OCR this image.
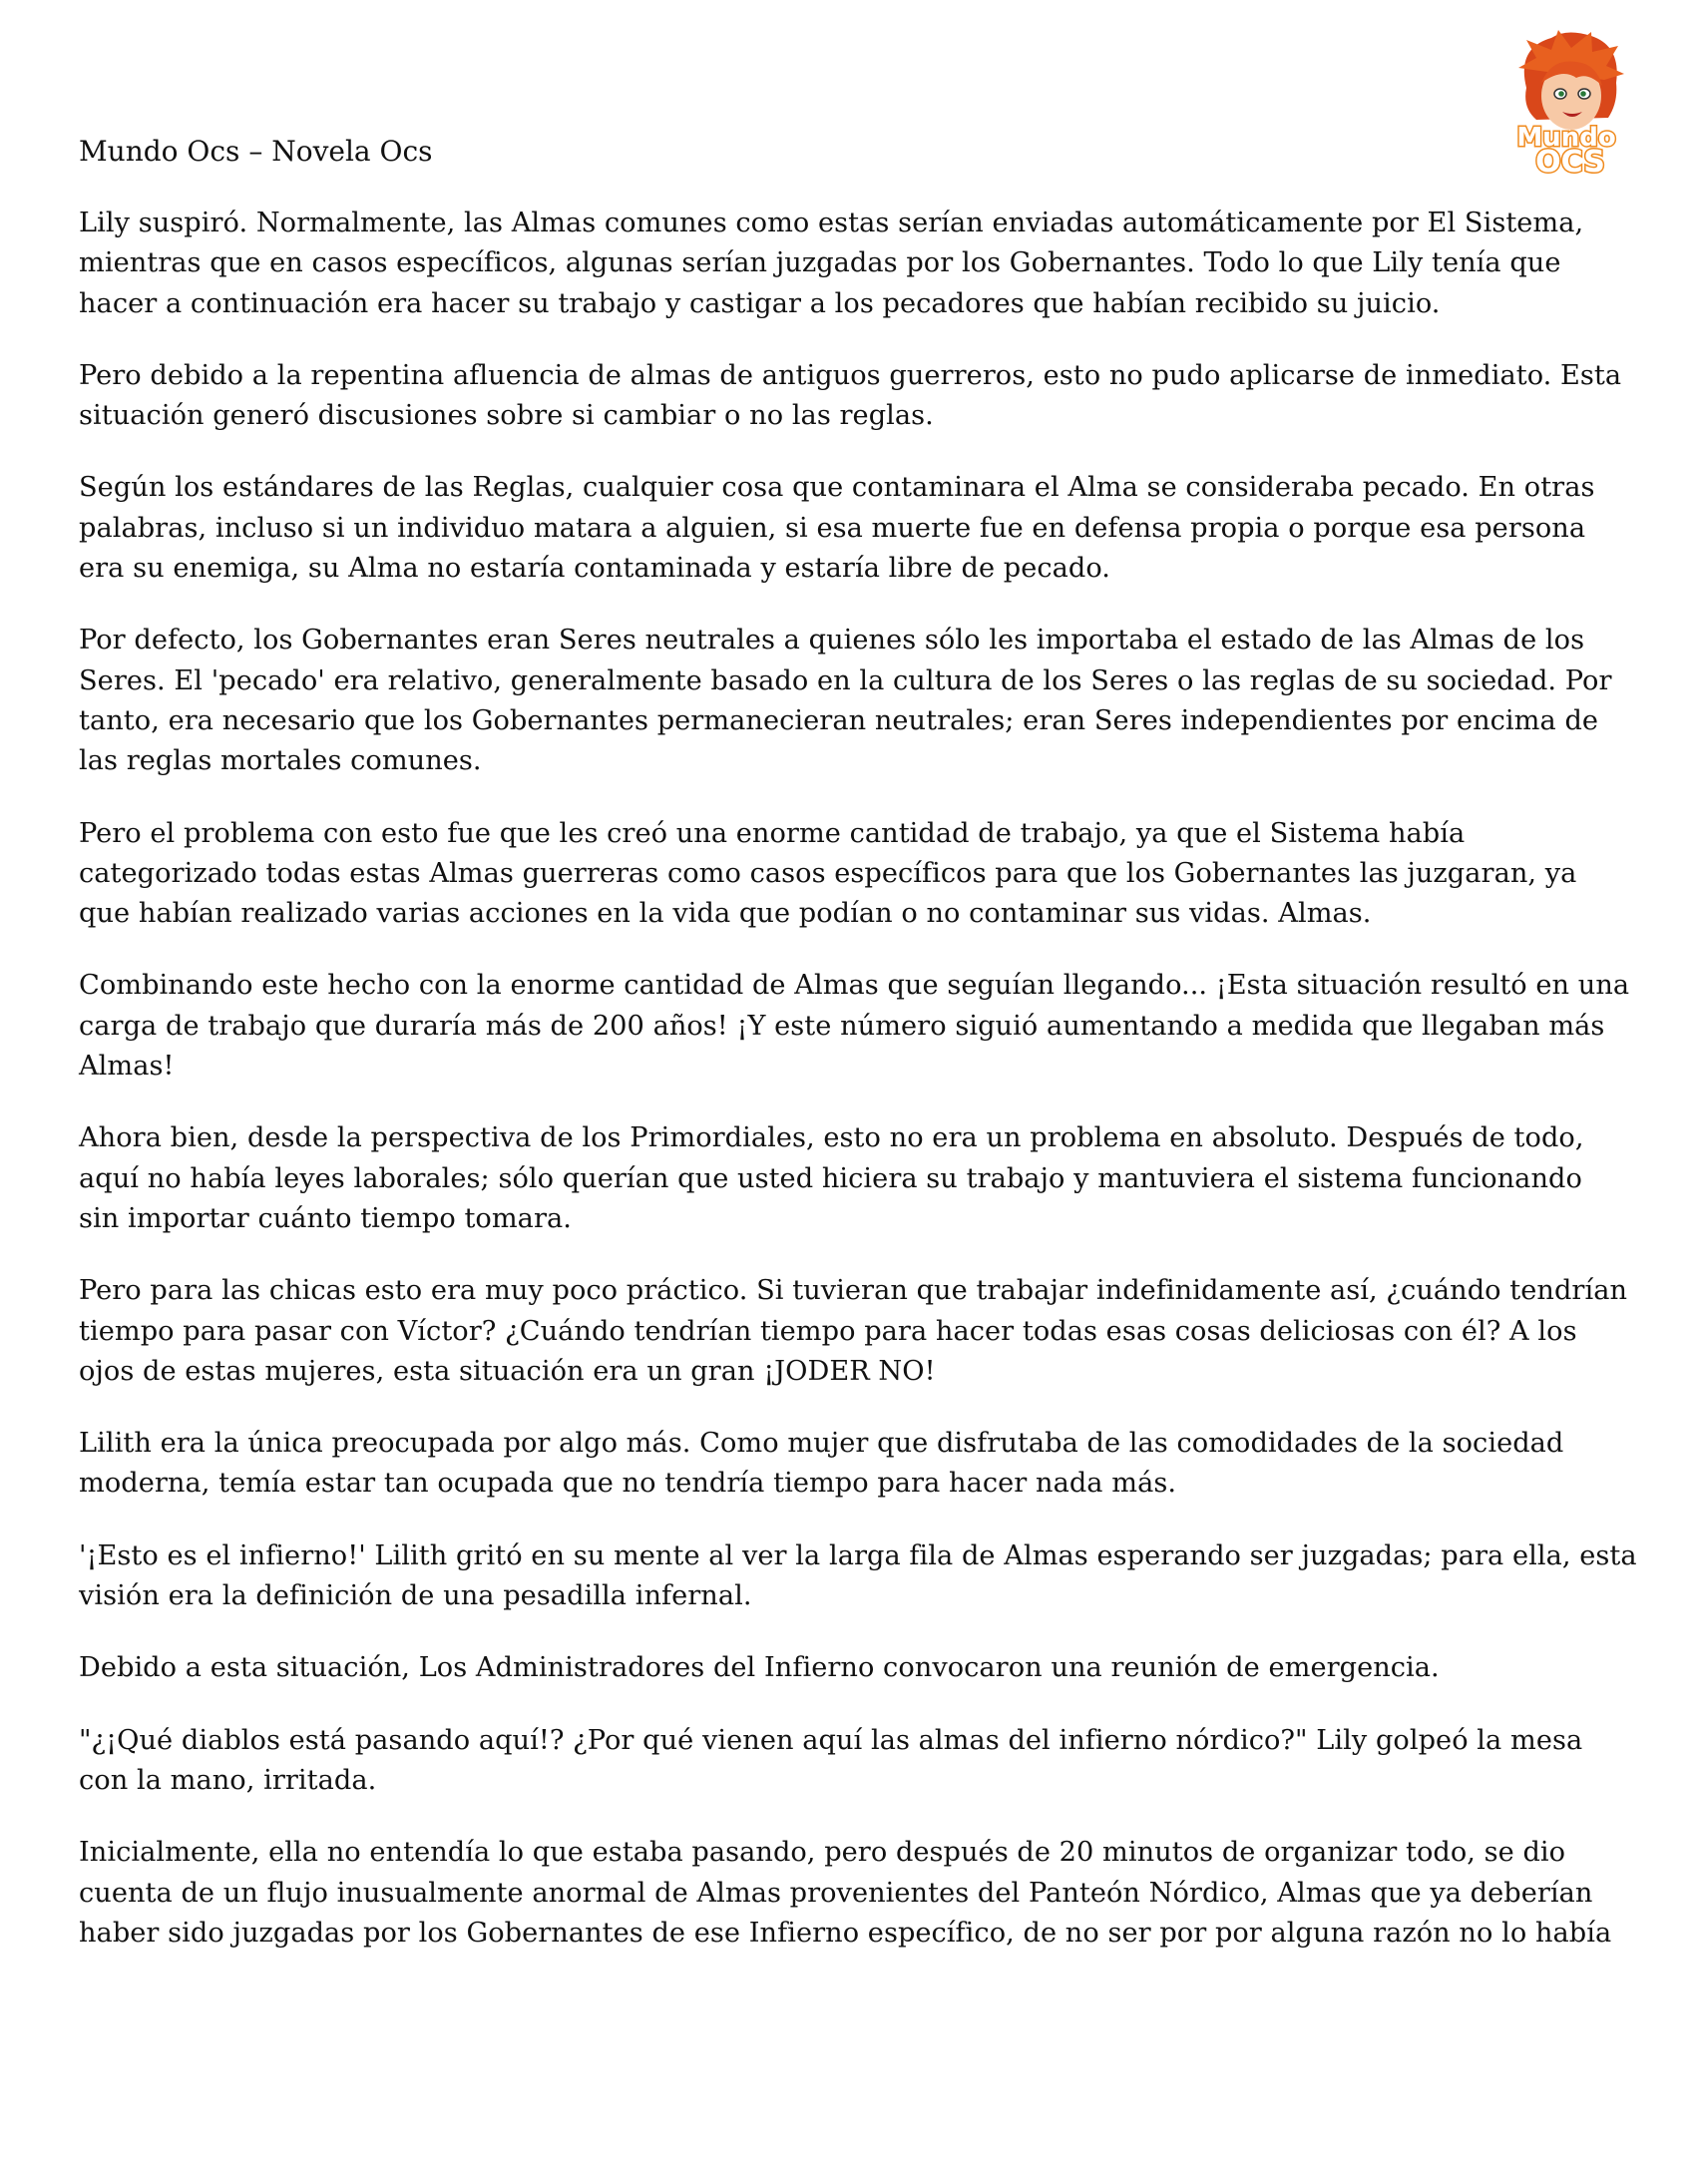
Mundo
OCS
Mundo Ocs – Novela Ocs

Lily suspiró. Normalmente, las Almas comunes como estas serían enviadas automáticamente por El Sistema,
mientras que en casos específicos, algunas serían juzgadas por los Gobernantes. Todo lo que Lily tenía que
hacer a continuación era hacer su trabajo y castigar a los pecadores que habían recibido su juicio.

Pero debido a la repentina afluencia de almas de antiguos guerreros, esto no pudo aplicarse de inmediato. Esta
situación generó discusiones sobre si cambiar o no las reglas.

Según los estándares de las Reglas, cualquier cosa que contaminara el Alma se consideraba pecado. En otras
palabras, incluso si un individuo matara a alguien, si esa muerte fue en defensa propia o porque esa persona
era su enemiga, su Alma no estaría contaminada y estaría libre de pecado.

Por defecto, los Gobernantes eran Seres neutrales a quienes sólo les importaba el estado de las Almas de los
Seres. El 'pecado' era relativo, generalmente basado en la cultura de los Seres o las reglas de su sociedad. Por
tanto, era necesario que los Gobernantes permanecieran neutrales; eran Seres independientes por encima de
las reglas mortales comunes.

Pero el problema con esto fue que les creó una enorme cantidad de trabajo, ya que el Sistema había
categorizado todas estas Almas guerreras como casos específicos para que los Gobernantes las juzgaran, ya
que habían realizado varias acciones en la vida que podían o no contaminar sus vidas. Almas.

Combinando este hecho con la enorme cantidad de Almas que seguían llegando... ¡Esta situación resultó en una
carga de trabajo que duraría más de 200 años! ¡Y este número siguió aumentando a medida que llegaban más
Almas!

Ahora bien, desde la perspectiva de los Primordiales, esto no era un problema en absoluto. Después de todo,
aquí no había leyes laborales; sólo querían que usted hiciera su trabajo y mantuviera el sistema funcionando
sin importar cuánto tiempo tomara.

Pero para las chicas esto era muy poco práctico. Si tuvieran que trabajar indefinidamente así, ¿cuándo tendrían
tiempo para pasar con Víctor? ¿Cuándo tendrían tiempo para hacer todas esas cosas deliciosas con él? A los
ojos de estas mujeres, esta situación era un gran ¡JODER NO!

Lilith era la única preocupada por algo más. Como mujer que disfrutaba de las comodidades de la sociedad
moderna, temía estar tan ocupada que no tendría tiempo para hacer nada más.

'¡Esto es el infierno!' Lilith gritó en su mente al ver la larga fila de Almas esperando ser juzgadas; para ella, esta
visión era la definición de una pesadilla infernal.

Debido a esta situación, Los Administradores del Infierno convocaron una reunión de emergencia.

"¿¡Qué diablos está pasando aquí!? ¿Por qué vienen aquí las almas del infierno nórdico?" Lily golpeó la mesa
con la mano, irritada.

Inicialmente, ella no entendía lo que estaba pasando, pero después de 20 minutos de organizar todo, se dio
cuenta de un flujo inusualmente anormal de Almas provenientes del Panteón Nórdico, Almas que ya deberían
haber sido juzgadas por los Gobernantes de ese Infierno específico, de no ser por por alguna razón no lo había
